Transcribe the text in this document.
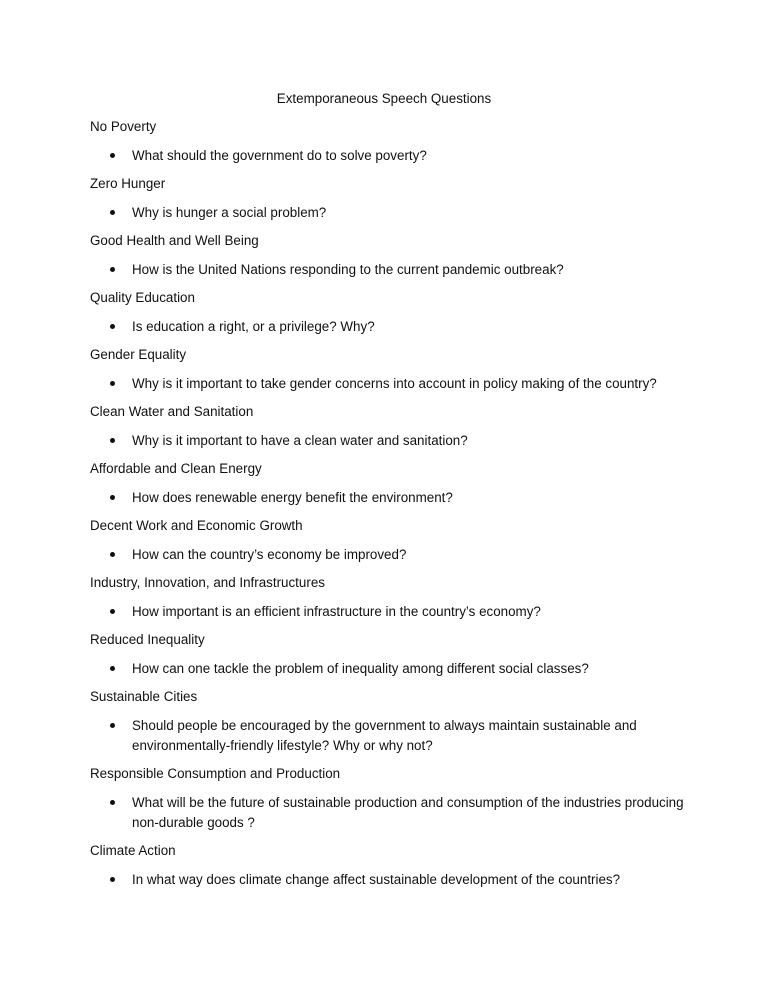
Extemporaneous Speech Questions
No Poverty
What should the government do to solve poverty?
Zero Hunger
Why is hunger a social problem?
Good Health and Well Being
How is the United Nations responding to the current pandemic outbreak?
Quality Education
Is education a right, or a privilege? Why?
Gender Equality
Why is it important to take gender concerns into account in policy making of the country?
Clean Water and Sanitation
Why is it important to have a clean water and sanitation?
Affordable and Clean Energy
How does renewable energy benefit the environment?
Decent Work and Economic Growth
How can the country’s economy be improved?
Industry, Innovation, and Infrastructures
How important is an efficient infrastructure in the country’s economy?
Reduced Inequality
How can one tackle the problem of inequality among different social classes?
Sustainable Cities
Should people be encouraged by the government to always maintain sustainable and environmentally-friendly lifestyle? Why or why not?
Responsible Consumption and Production
What will be the future of sustainable production and consumption of the industries producing non-durable goods ?
Climate Action
In what way does climate change affect sustainable development of the countries?
